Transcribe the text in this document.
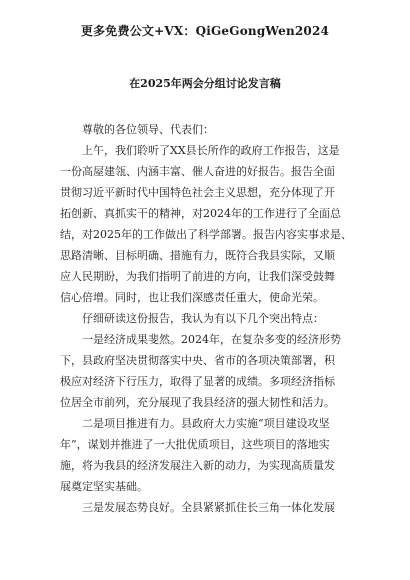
更多免费公文+VX：QiGeGongWen2024
在2025年两会分组讨论发言稿

尊敬的各位领导、代表们：

上午，我们聆听了XX县长所作的政府工作报告，这是

一份高屋建瓴、内涵丰富、催人奋进的好报告。报告全面

贯彻习近平新时代中国特色社会主义思想，充分体现了开

拓创新、真抓实干的精神，对2024年的工作进行了全面总

结，对2025年的工作做出了科学部署。报告内容实事求是、

思路清晰、目标明确、措施有力，既符合我县实际，又顺

应人民期盼，为我们指明了前进的方向，让我们深受鼓舞

信心倍增。同时，也让我们深感责任重大，使命光荣。

仔细研读这份报告，我认为有以下几个突出特点：

一是经济成果斐然。2024年，在复杂多变的经济形势

下，县政府坚决贯彻落实中央、省市的各项决策部署，积

极应对经济下行压力，取得了显著的成绩。多项经济指标

位居全市前列，充分展现了我县经济的强大韧性和活力。

二是项目推进有力。县政府大力实施“项目建设攻坚

年”，谋划并推进了一大批优质项目，这些项目的落地实

施，将为我县的经济发展注入新的动力，为实现高质量发

展奠定坚实基础。

三是发展态势良好。全县紧紧抓住长三角一体化发展
